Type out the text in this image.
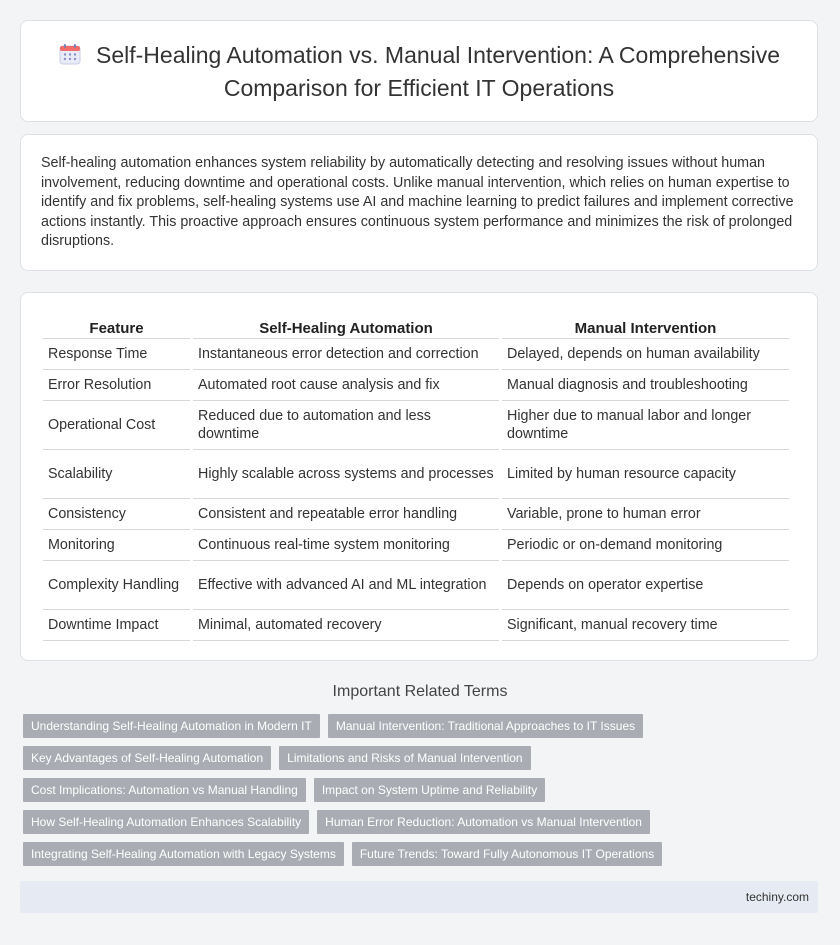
Self-Healing Automation vs. Manual Intervention: A Comprehensive Comparison for Efficient IT Operations
Self-healing automation enhances system reliability by automatically detecting and resolving issues without human involvement, reducing downtime and operational costs. Unlike manual intervention, which relies on human expertise to identify and fix problems, self-healing systems use AI and machine learning to predict failures and implement corrective actions instantly. This proactive approach ensures continuous system performance and minimizes the risk of prolonged disruptions.
Feature	Self-Healing Automation	Manual Intervention
Response Time	Instantaneous error detection and correction	Delayed, depends on human availability
Error Resolution	Automated root cause analysis and fix	Manual diagnosis and troubleshooting
Operational Cost	Reduced due to automation and less downtime	Higher due to manual labor and longer downtime
Scalability	Highly scalable across systems and processes	Limited by human resource capacity
Consistency	Consistent and repeatable error handling	Variable, prone to human error
Monitoring	Continuous real-time system monitoring	Periodic or on-demand monitoring
Complexity Handling	Effective with advanced AI and ML integration	Depends on operator expertise
Downtime Impact	Minimal, automated recovery	Significant, manual recovery time
Important Related Terms
Understanding Self-Healing Automation in Modern IT	Manual Intervention: Traditional Approaches to IT Issues
Key Advantages of Self-Healing Automation	Limitations and Risks of Manual Intervention
Cost Implications: Automation vs Manual Handling	Impact on System Uptime and Reliability
How Self-Healing Automation Enhances Scalability	Human Error Reduction: Automation vs Manual Intervention
Integrating Self-Healing Automation with Legacy Systems	Future Trends: Toward Fully Autonomous IT Operations
techiny.com
